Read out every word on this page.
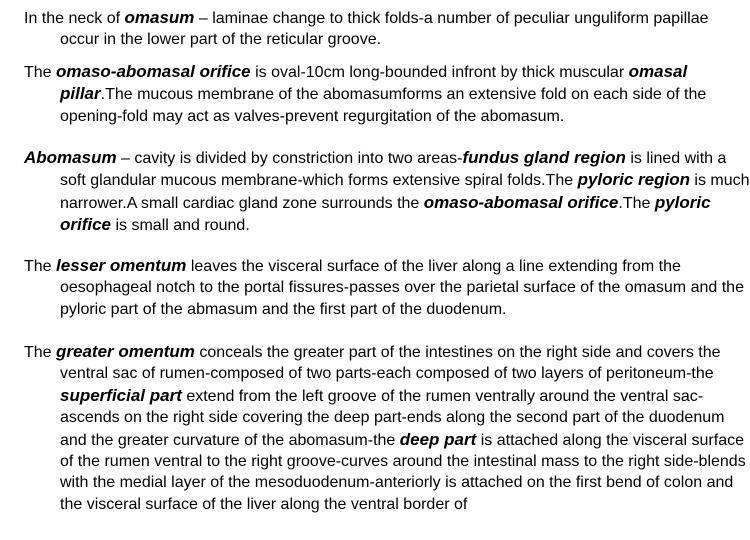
In the neck of omasum – laminae change to thick folds-a number of peculiar unguliform papillae occur in the lower part of the reticular groove.

The omaso-abomasal orifice is oval-10cm long-bounded infront by thick muscular omasal pillar.The mucous membrane of the abomasumforms an extensive fold on each side of the opening-fold may act as valves-prevent regurgitation of the abomasum.

Abomasum – cavity is divided by constriction into two areas-fundus gland region is lined with a soft glandular mucous membrane-which forms extensive spiral folds.The pyloric region is much narrower.A small cardiac gland zone surrounds the omaso-abomasal orifice.The pyloric orifice is small and round.

The lesser omentum leaves the visceral surface of the liver along a line extending from the oesophageal notch to the portal fissures-passes over the parietal surface of the omasum and the pyloric part of the abmasum and the first part of the duodenum.

The greater omentum conceals the greater part of the intestines on the right side and covers the ventral sac of rumen-composed of two parts-each composed of two layers of peritoneum-the superficial part extend from the left groove of the rumen ventrally around the ventral sac-ascends on the right side covering the deep part-ends along the second part of the duodenum and the greater curvature of the abomasum-the deep part is attached along the visceral surface of the rumen ventral to the right groove-curves around the intestinal mass to the right side-blends with the medial layer of the mesoduodenum-anteriorly is attached on the first bend of colon and the visceral surface of the liver along the ventral border of
